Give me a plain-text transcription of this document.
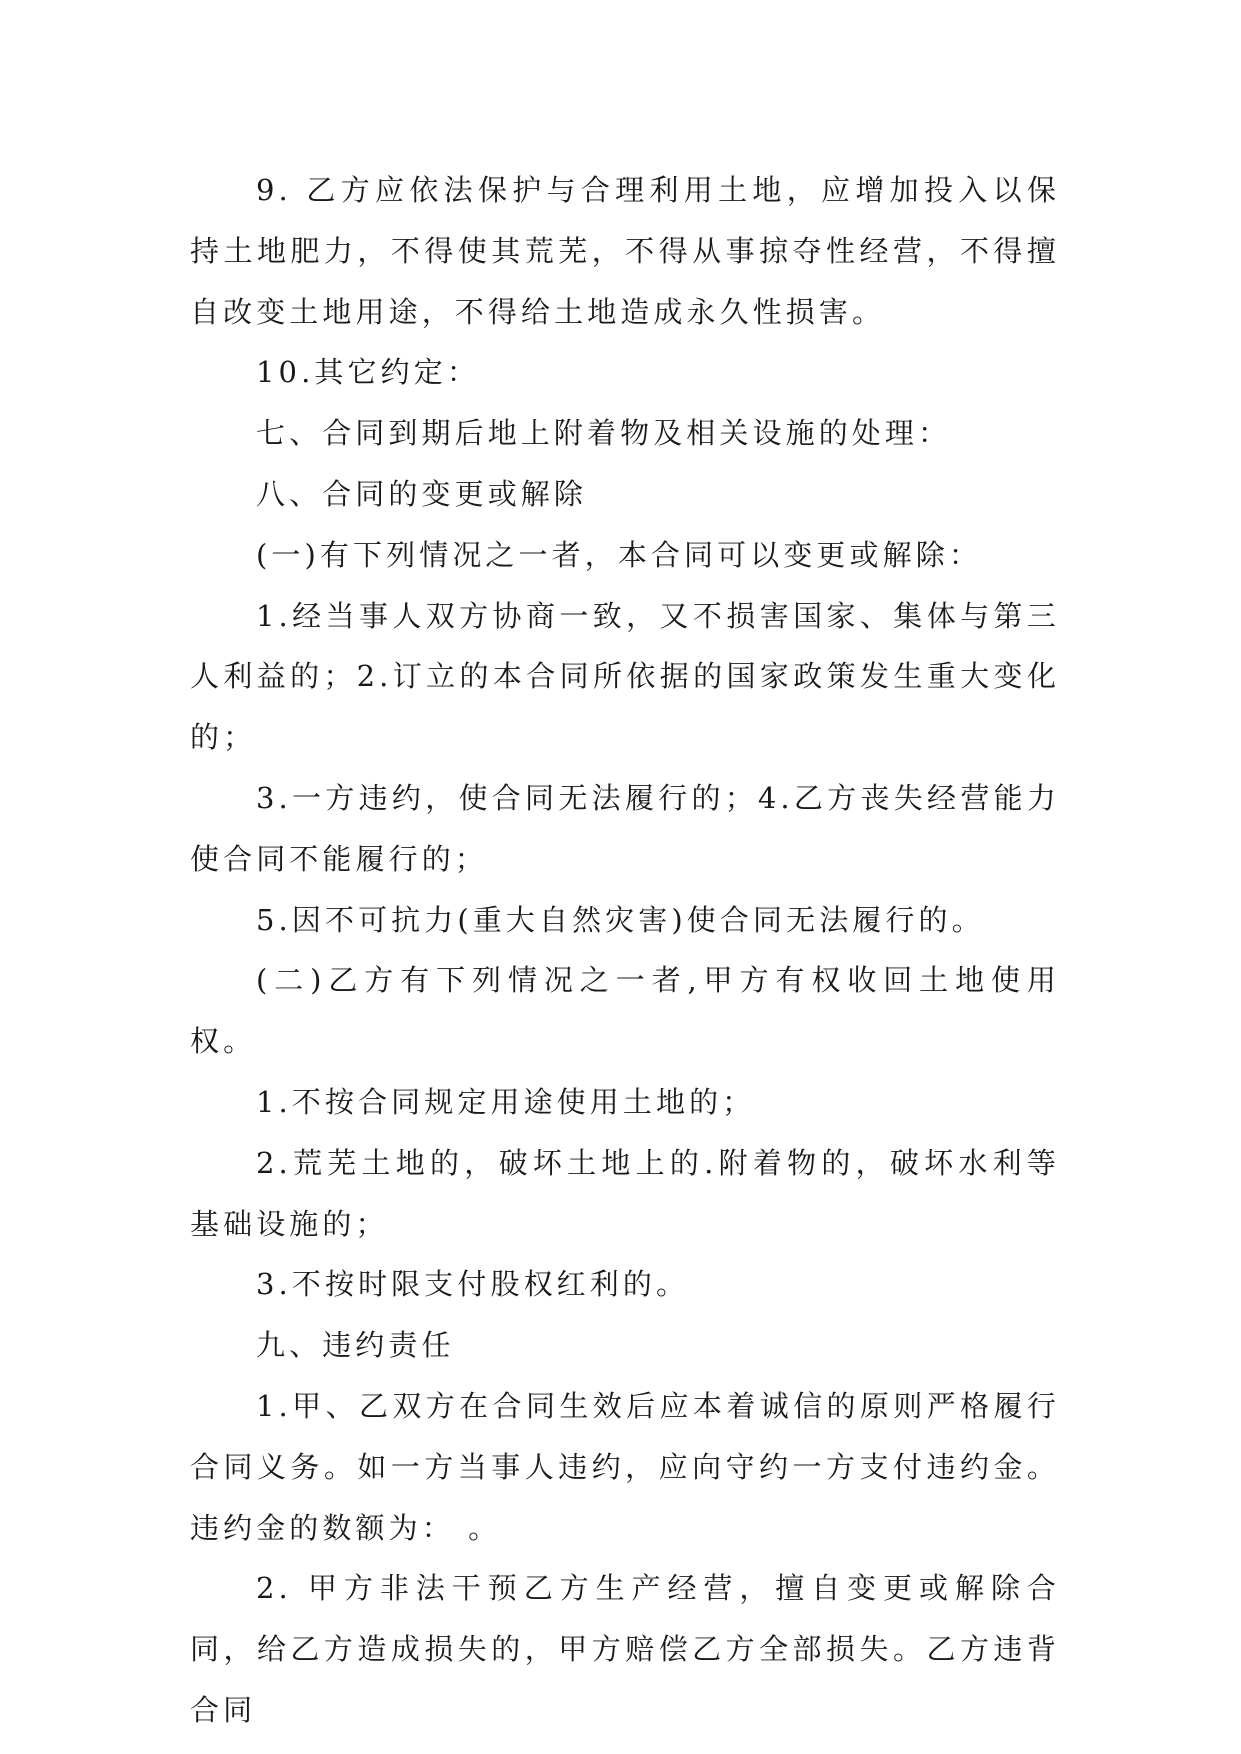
9. 乙方应依法保护与合理利用土地，应增加投入以保持土地肥力，不得使其荒芜，不得从事掠夺性经营，不得擅自改变土地用途，不得给土地造成永久性损害。

10.其它约定：

七、合同到期后地上附着物及相关设施的处理：

八、合同的变更或解除

(一)有下列情况之一者，本合同可以变更或解除：

1.经当事人双方协商一致，又不损害国家、集体与第三人利益的；2.订立的本合同所依据的国家政策发生重大变化的；

3.一方违约，使合同无法履行的；4.乙方丧失经营能力使合同不能履行的；

5.因不可抗力(重大自然灾害)使合同无法履行的。

(二)乙方有下列情况之一者,甲方有权收回土地使用权。

1.不按合同规定用途使用土地的；

2.荒芜土地的，破坏土地上的.附着物的，破坏水利等基础设施的；

3.不按时限支付股权红利的。

九、违约责任

1.甲、乙双方在合同生效后应本着诚信的原则严格履行合同义务。如一方当事人违约，应向守约一方支付违约金。违约金的数额为： 。

2. 甲方非法干预乙方生产经营，擅自变更或解除合同，给乙方造成损失的，甲方赔偿乙方全部损失。乙方违背合同
